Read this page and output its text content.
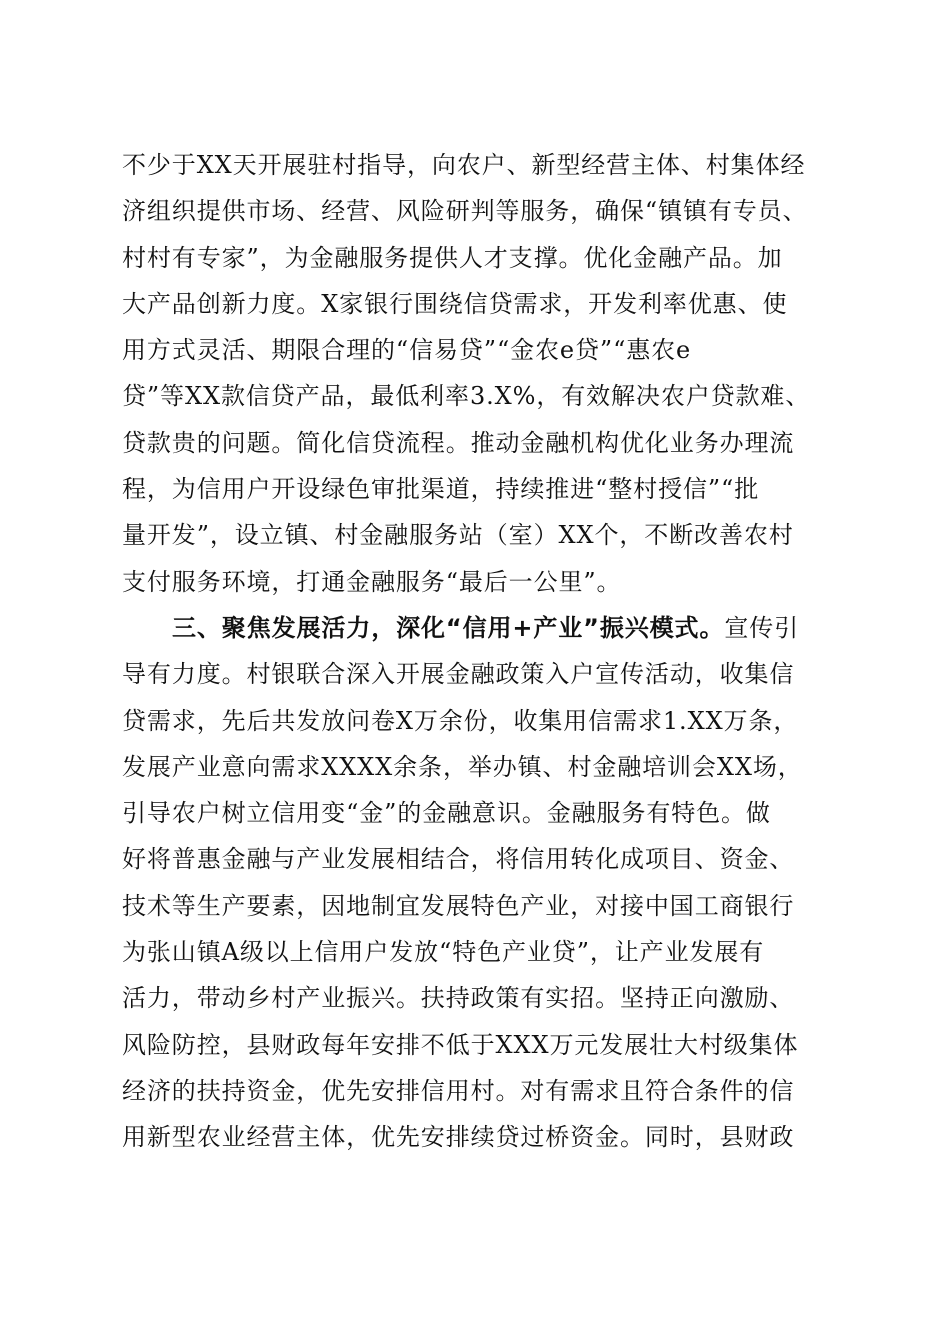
不少于XX天开展驻村指导，向农户、新型经营主体、村集体经
济组织提供市场、经营、风险研判等服务，确保“镇镇有专员、
村村有专家”，为金融服务提供人才支撑。优化金融产品。加
大产品创新力度。X家银行围绕信贷需求，开发利率优惠、使
用方式灵活、期限合理的“信易贷”“金农e贷”“惠农e
贷”等XX款信贷产品，最低利率3.X%，有效解决农户贷款难、
贷款贵的问题。简化信贷流程。推动金融机构优化业务办理流
程，为信用户开设绿色审批渠道，持续推进“整村授信”“批
量开发”，设立镇、村金融服务站（室）XX个，不断改善农村
支付服务环境，打通金融服务“最后一公里”。
三、聚焦发展活力，深化“信用+产业”振兴模式。宣传引
导有力度。村银联合深入开展金融政策入户宣传活动，收集信
贷需求，先后共发放问卷X万余份，收集用信需求1.XX万条，
发展产业意向需求XXXX余条，举办镇、村金融培训会XX场，
引导农户树立信用变“金”的金融意识。金融服务有特色。做
好将普惠金融与产业发展相结合，将信用转化成项目、资金、
技术等生产要素，因地制宜发展特色产业，对接中国工商银行
为张山镇A级以上信用户发放“特色产业贷”，让产业发展有
活力，带动乡村产业振兴。扶持政策有实招。坚持正向激励、
风险防控，县财政每年安排不低于XXX万元发展壮大村级集体
经济的扶持资金，优先安排信用村。对有需求且符合条件的信
用新型农业经营主体，优先安排续贷过桥资金。同时，县财政
